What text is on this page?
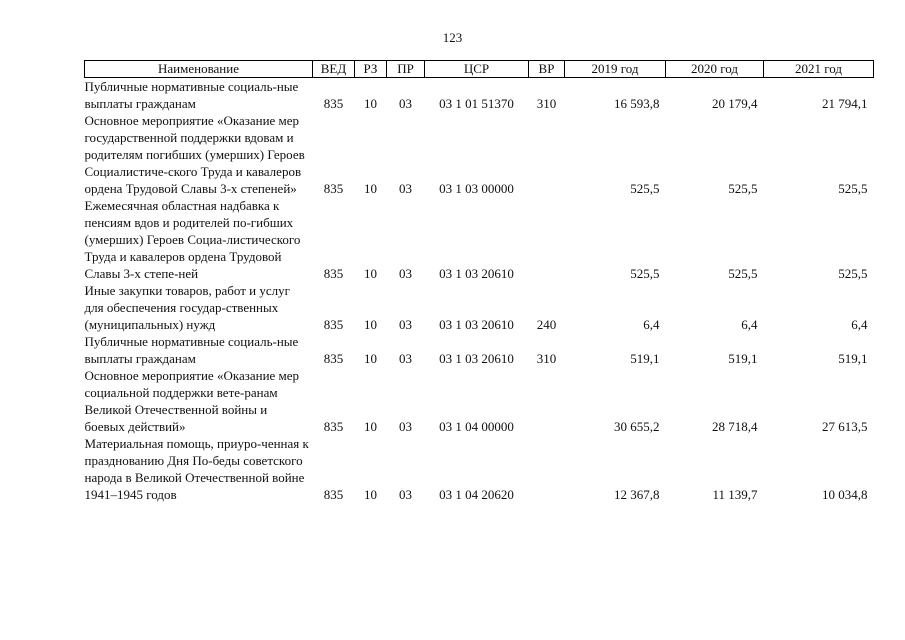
123
Наименование	ВЕД	РЗ	ПР	ЦСР	ВР	2019 год	2020 год	2021 год
Публичные нормативные социаль-ные выплаты гражданам	835	10	03	03 1 01 51370	310	16 593,8	20 179,4	21 794,1
Основное мероприятие «Оказание мер государственной поддержки вдовам и родителям погибших (умерших) Героев Социалистиче-ского Труда и кавалеров ордена Трудовой Славы 3-х степеней»	835	10	03	03 1 03 00000		525,5	525,5	525,5
Ежемесячная областная надбавка к пенсиям вдов и родителей по-гибших (умерших) Героев Социа-листического Труда и кавалеров ордена Трудовой Славы 3-х степе-ней	835	10	03	03 1 03 20610		525,5	525,5	525,5
Иные закупки товаров, работ и услуг для обеспечения государ-ственных (муниципальных) нужд	835	10	03	03 1 03 20610	240	6,4	6,4	6,4
Публичные нормативные социаль-ные выплаты гражданам	835	10	03	03 1 03 20610	310	519,1	519,1	519,1
Основное мероприятие «Оказание мер социальной поддержки вете-ранам Великой Отечественной войны и боевых действий»	835	10	03	03 1 04 00000		30 655,2	28 718,4	27 613,5
Материальная помощь, приуро-ченная к празднованию Дня По-беды советского народа в Великой Отечественной войне 1941–1945 годов	835	10	03	03 1 04 20620		12 367,8	11 139,7	10 034,8
